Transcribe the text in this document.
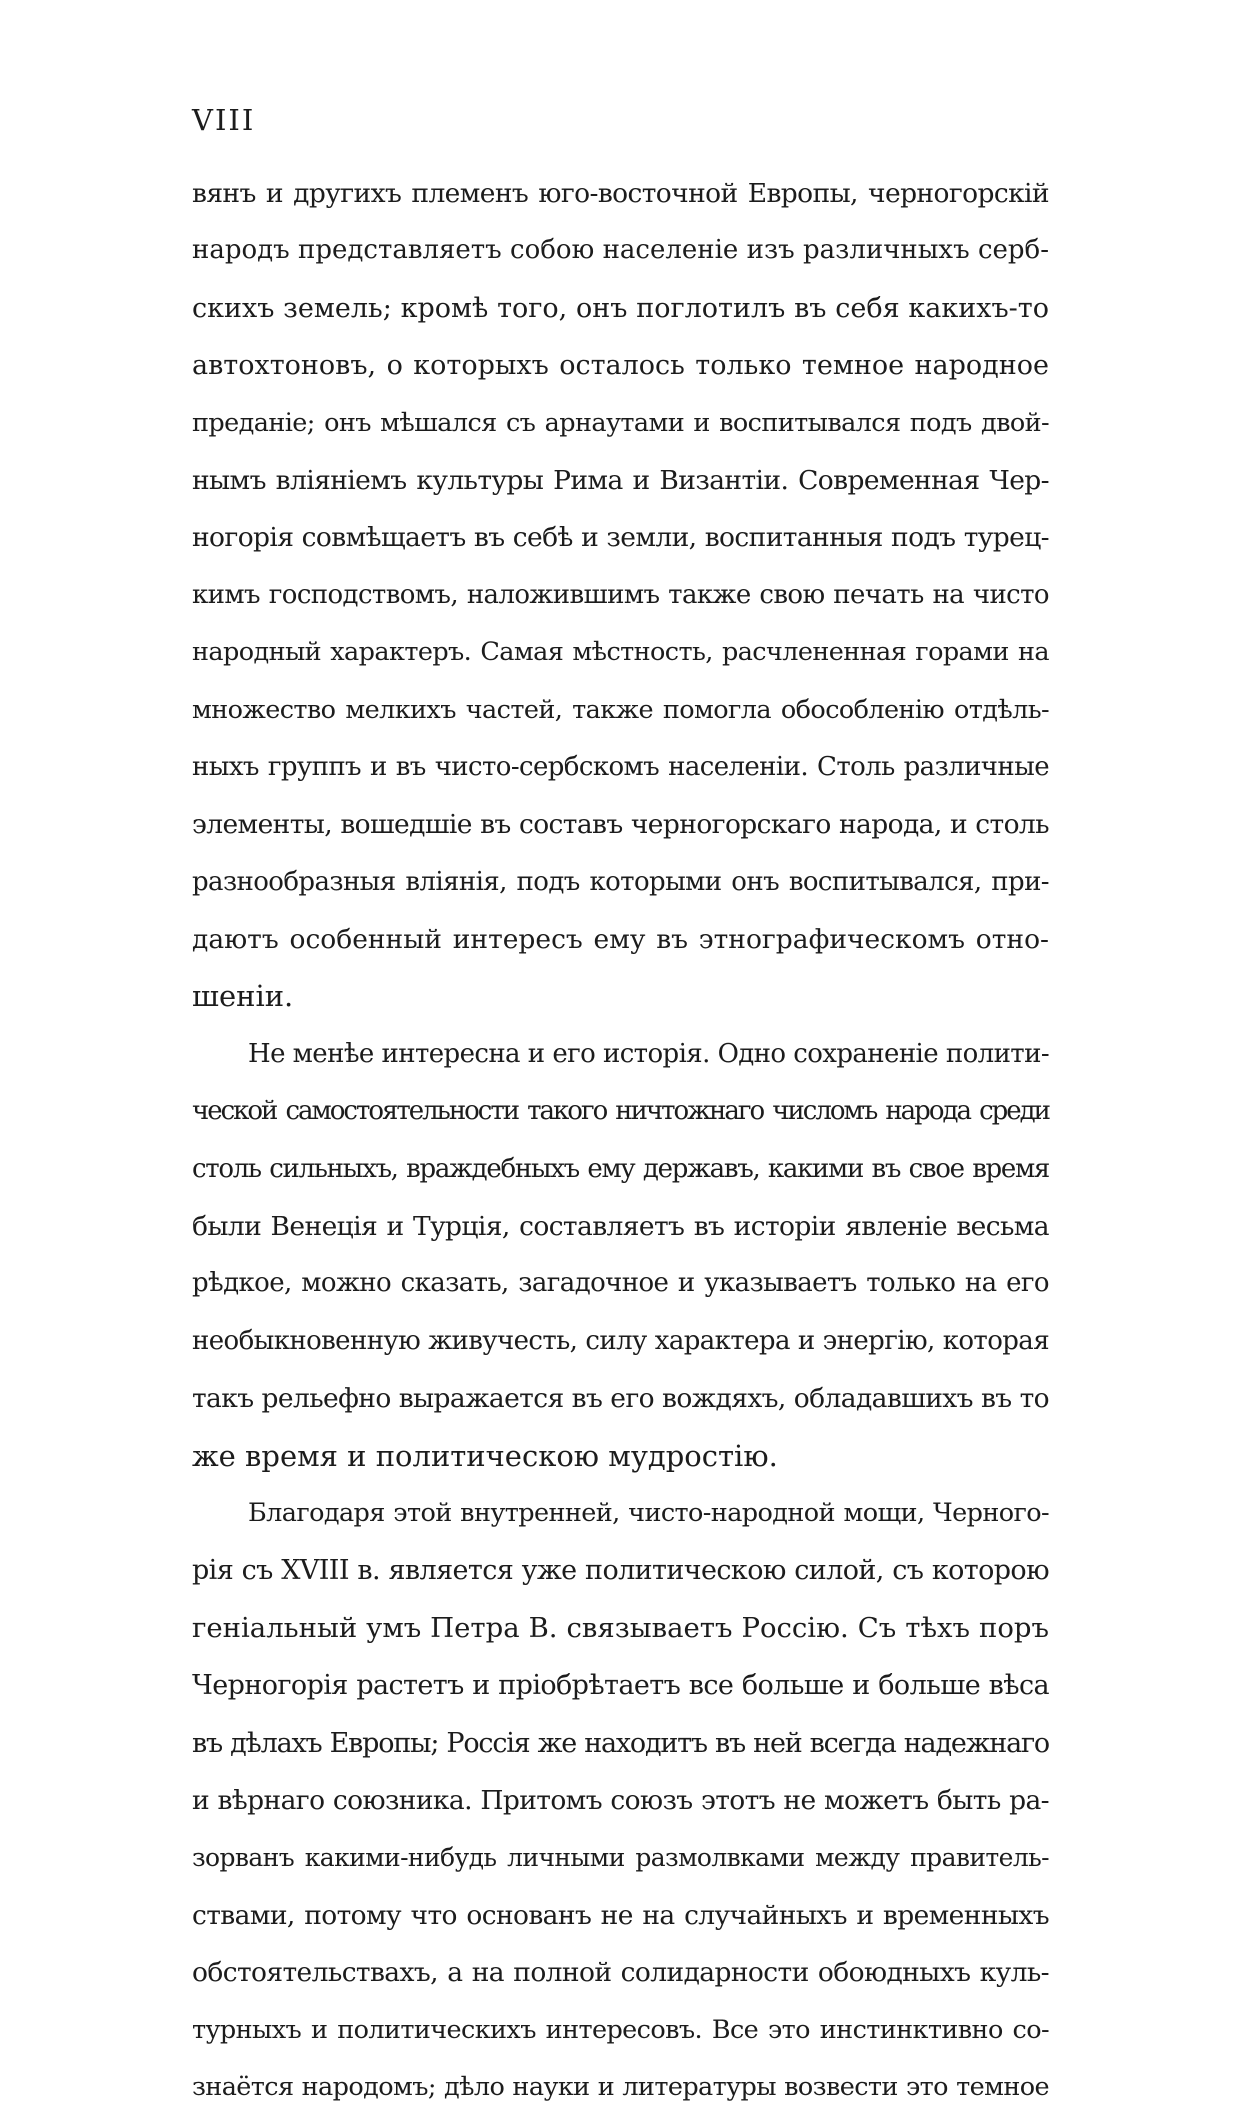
VIII
вянъ и другихъ племенъ юго-восточной Европы, черногорскій
народъ представляетъ собою населеніе изъ различныхъ серб-
скихъ земель; кромѣ того, онъ поглотилъ въ себя какихъ-то
автохтоновъ, о которыхъ осталось только темное народное
преданіе; онъ мѣшался съ арнаутами и воспитывался подъ двой-
нымъ вліяніемъ культуры Рима и Византіи. Современная Чер-
ногорія совмѣщаетъ въ себѣ и земли, воспитанныя подъ турец-
кимъ господствомъ, наложившимъ также свою печать на чисто
народный характеръ. Самая мѣстность, расчлененная горами на
множество мелкихъ частей, также помогла обособленію отдѣль-
ныхъ группъ и въ чисто-сербскомъ населеніи. Столь различные
элементы, вошедшіе въ составъ черногорскаго народа, и столь
разнообразныя вліянія, подъ которыми онъ воспитывался, при-
даютъ особенный интересъ ему въ этнографическомъ отно-
шеніи.
Не менѣе интересна и его исторія. Одно сохраненіе полити-
ческой самостоятельности такого ничтожнаго числомъ народа среди
столь сильныхъ, враждебныхъ ему державъ, какими въ свое время
были Венеція и Турція, составляетъ въ исторіи явленіе весьма
рѣдкое, можно сказать, загадочное и указываетъ только на его
необыкновенную живучесть, силу характера и энергію, которая
такъ рельефно выражается въ его вождяхъ, обладавшихъ въ то
же время и политическою мудростію.
Благодаря этой внутренней, чисто-народной мощи, Черного-
рія съ XVIII в. является уже политическою силой, съ которою
геніальный умъ Петра В. связываетъ Россію. Съ тѣхъ поръ
Черногорія растетъ и пріобрѣтаетъ все больше и больше вѣса
въ дѣлахъ Европы; Россія же находитъ въ ней всегда надежнаго
и вѣрнаго союзника. Притомъ союзъ этотъ не можетъ быть ра-
зорванъ какими-нибудь личными размолвками между правитель-
ствами, потому что основанъ не на случайныхъ и временныхъ
обстоятельствахъ, а на полной солидарности обоюдныхъ куль-
турныхъ и политическихъ интересовъ. Все это инстинктивно со-
знаётся народомъ; дѣло науки и литературы возвести это темное
